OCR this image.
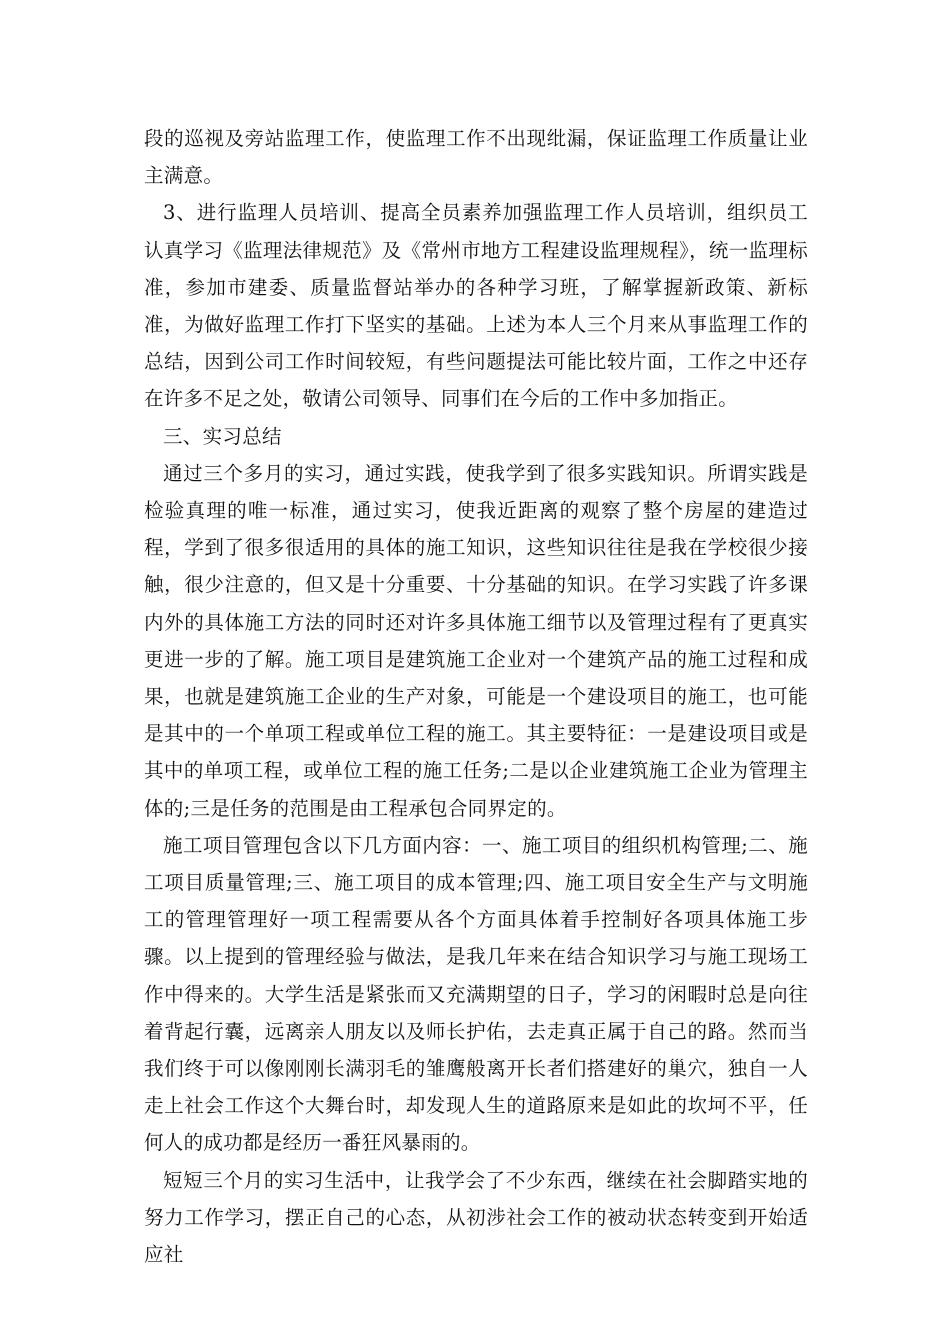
段的巡视及旁站监理工作，使监理工作不出现纰漏，保证监理工作质量让业主满意。

3、进行监理人员培训、提高全员素养加强监理工作人员培训，组织员工认真学习《监理法律规范》及《常州市地方工程建设监理规程》，统一监理标准，参加市建委、质量监督站举办的各种学习班，了解掌握新政策、新标准，为做好监理工作打下坚实的基础。上述为本人三个月来从事监理工作的总结，因到公司工作时间较短，有些问题提法可能比较片面，工作之中还存在许多不足之处，敬请公司领导、同事们在今后的工作中多加指正。

三、实习总结

通过三个多月的实习，通过实践，使我学到了很多实践知识。所谓实践是检验真理的唯一标准，通过实习，使我近距离的观察了整个房屋的建造过程，学到了很多很适用的具体的施工知识，这些知识往往是我在学校很少接触，很少注意的，但又是十分重要、十分基础的知识。在学习实践了许多课内外的具体施工方法的同时还对许多具体施工细节以及管理过程有了更真实更进一步的了解。施工项目是建筑施工企业对一个建筑产品的施工过程和成果，也就是建筑施工企业的生产对象，可能是一个建设项目的施工，也可能是其中的一个单项工程或单位工程的施工。其主要特征：一是建设项目或是其中的单项工程，或单位工程的施工任务;二是以企业建筑施工企业为管理主体的;三是任务的范围是由工程承包合同界定的。

施工项目管理包含以下几方面内容：一、施工项目的组织机构管理;二、施工项目质量管理;三、施工项目的成本管理;四、施工项目安全生产与文明施工的管理管理好一项工程需要从各个方面具体着手控制好各项具体施工步骤。以上提到的管理经验与做法，是我几年来在结合知识学习与施工现场工作中得来的。大学生活是紧张而又充满期望的日子，学习的闲暇时总是向往着背起行囊，远离亲人朋友以及师长护佑，去走真正属于自己的路。然而当我们终于可以像刚刚长满羽毛的雏鹰般离开长者们搭建好的巢穴，独自一人走上社会工作这个大舞台时，却发现人生的道路原来是如此的坎坷不平，任何人的成功都是经历一番狂风暴雨的。

短短三个月的实习生活中，让我学会了不少东西，继续在社会脚踏实地的努力工作学习，摆正自己的心态，从初涉社会工作的被动状态转变到开始适应社
